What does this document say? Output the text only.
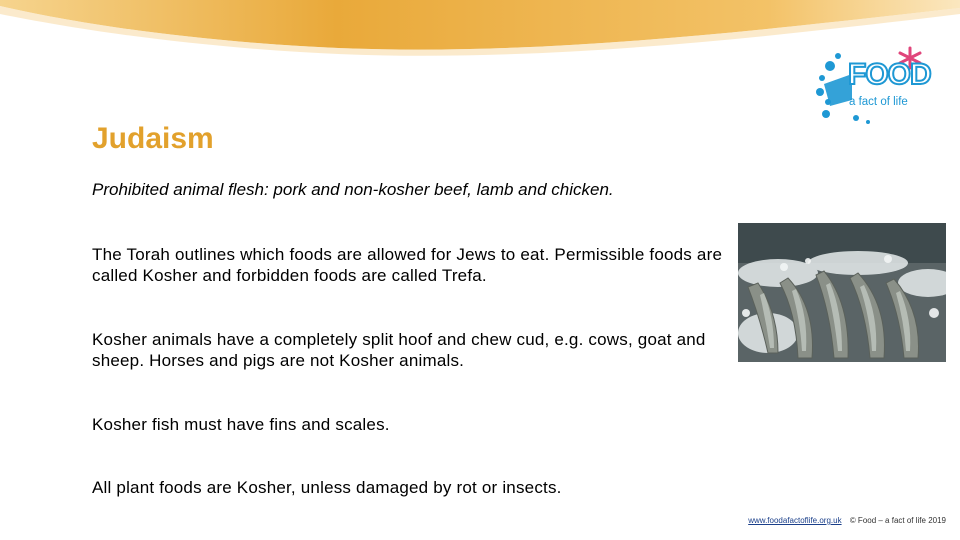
FOOD
a fact of life
Judaism
Prohibited animal flesh: pork and non-kosher beef, lamb and chicken.
The Torah outlines which foods are allowed for Jews to eat. Permissible foods are called Kosher and forbidden foods are called Trefa.
Kosher animals have a completely split hoof and chew cud, e.g. cows, goat and sheep. Horses and pigs are not Kosher animals.
Kosher fish must have fins and scales.
All plant foods are Kosher, unless damaged by rot or insects.
www.foodafactoflife.org.uk © Food – a fact of life 2019
